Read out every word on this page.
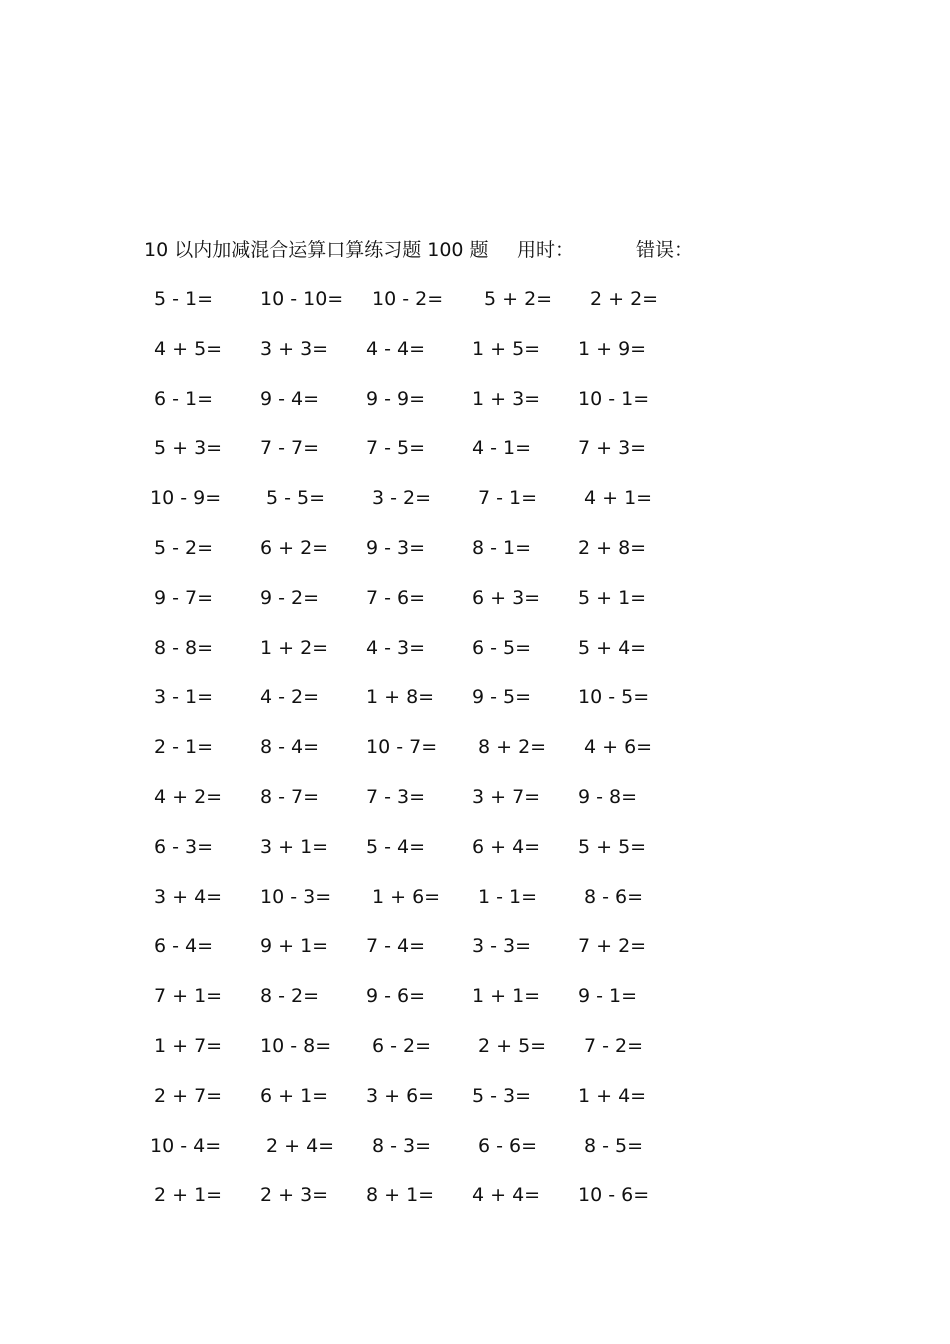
10 以内加减混合运算口算练习题 100 题 用时：	错误：
5 - 1= 10 - 10= 10 - 2= 5 + 2= 2 + 2=
4 + 5= 3 + 3= 4 - 4= 1 + 5= 1 + 9=
6 - 1= 9 - 4= 9 - 9= 1 + 3= 10 - 1=
5 + 3= 7 - 7= 7 - 5= 4 - 1= 7 + 3=
10 - 9= 5 - 5= 3 - 2= 7 - 1= 4 + 1=
5 - 2= 6 + 2= 9 - 3= 8 - 1= 2 + 8=
9 - 7= 9 - 2= 7 - 6= 6 + 3= 5 + 1=
8 - 8= 1 + 2= 4 - 3= 6 - 5= 5 + 4=
3 - 1= 4 - 2= 1 + 8= 9 - 5= 10 - 5=
2 - 1= 8 - 4= 10 - 7= 8 + 2= 4 + 6=
4 + 2= 8 - 7= 7 - 3= 3 + 7= 9 - 8=
6 - 3= 3 + 1= 5 - 4= 6 + 4= 5 + 5=
3 + 4= 10 - 3= 1 + 6= 1 - 1= 8 - 6=
6 - 4= 9 + 1= 7 - 4= 3 - 3= 7 + 2=
7 + 1= 8 - 2= 9 - 6= 1 + 1= 9 - 1=
1 + 7= 10 - 8= 6 - 2= 2 + 5= 7 - 2=
2 + 7= 6 + 1= 3 + 6= 5 - 3= 1 + 4=
10 - 4= 2 + 4= 8 - 3= 6 - 6= 8 - 5=
2 + 1= 2 + 3= 8 + 1= 4 + 4= 10 - 6=
